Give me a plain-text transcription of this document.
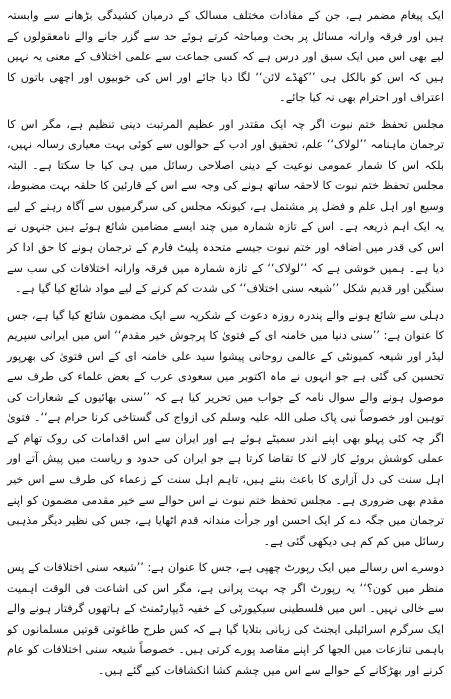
ایک پیغام مضمر ہے، جن کے مفادات مختلف مسالک کے درمیان کشیدگی بڑھانے سے وابستہ ہیں اور فرقہ وارانہ مسائل پر بحث ومباحثہ کرتے ہوئے حد سے گزر جانے والے نامعقولوں کے لیے بھی اس میں ایک سبق اور درس ہے کہ کسی جماعت سے علمی اختلاف کے معنی یہ نہیں ہیں کہ اس کو بالکل ہی ’’کھڈے لائن‘‘ لگا دیا جائے اور اس کی خوبیوں اور اچھی باتوں کا اعتراف اور احترام بھی نہ کیا جائے۔

مجلس تحفظ ختم نبوت اگر چہ ایک مقتدر اور عظیم المرتبت دینی تنظیم ہے، مگر اس کا ترجمان ماہنامہ ’’لولاک‘‘ علم، تحقیق اور ادب کے حوالوں سے کوئی بہت معیاری رسالہ نہیں، بلکہ اس کا شمار عمومی نوعیت کے دینی اصلاحی رسائل میں ہی کیا جا سکتا ہے۔ البتہ مجلس تحفظ ختم نبوت کا لاحقہ ساتھ ہونے کی وجہ سے اس کے قارئین کا حلقہ بہت مضبوط، وسیع اور اہل علم و فضل پر مشتمل ہے، کیونکہ مجلس کی سرگرمیوں سے آگاہ رہنے کے لیے یہ ایک اہم ذریعہ ہے۔ اس کے تازہ شمارہ میں چند ایسے مضامین شائع ہوئے ہیں جنہوں نے اس کی قدر میں اضافہ اور ختم نبوت جیسے متحدہ پلیٹ فارم کے ترجمان ہونے کا حق ادا کر دیا ہے۔ ہمیں خوشی ہے کہ ’’لولاک‘‘ کے تازہ شمارہ میں فرقہ وارانہ اختلافات کی سب سے سنگین اور قدیم شکل ’’شیعہ سنی اختلاف‘‘ کی شدت کم کرنے کے لیے مواد شائع کیا گیا ہے۔

دہلی سے شائع ہونے والے پندرہ روزہ دعوت کے شکریہ سے ایک مضمون شائع کیا گیا ہے، جس کا عنوان ہے: ’’سنی دنیا میں خامنہ ای کے فتویٰ کا پرجوش خیر مقدم‘‘ اس میں ایرانی سپریم لیڈر اور شیعہ کمیونٹی کے عالمی روحانی پیشوا سید علی خامنہ ای کے اس فتویٰ کی بھرپور تحسین کی گئی ہے جو انہوں نے ماہ اکتوبر میں سعودی عرب کے بعض علماء کی طرف سے موصول ہونے والے سوال نامہ کے جواب میں تحریر کیا ہے کہ ’’سنی بھائیوں کے شعارات کی توہین اور خصوصاً نبی پاک صلی اللہ علیہ وسلم کی ازواج کی گستاخی کرنا حرام ہے‘‘۔ فتویٰ اگر چہ کئی پہلو بھی اپنے اندر سمیٹے ہوئے ہے اور ایران سے اس اقدامات کی روک تھام کے عملی کوشش بروئے کار لانے کا تقاضا کرتا ہے جو ایران کی حدود و ریاست میں پیش آتے اور اہل سنت کی دل آزاری کا باعث بنتے ہیں، تاہم اہل سنت کے زعماء کی طرف سے اس خیر مقدم بھی ضروری ہے۔ مجلس تحفظ ختم نبوت نے اس حوالے سے خیر مقدمی مضمون کو اپنے ترجمان میں جگہ دے کر ایک احسن اور جرأت مندانہ قدم اٹھایا ہے، جس کی نظیر دیگر مذہبی رسائل میں کم کم ہی دیکھی گئی ہے۔

دوسرے اس رسالے میں ایک رپورٹ چھپی ہے، جس کا عنوان ہے: ’’شیعہ سنی اختلافات کے پس منظر میں کون؟‘‘ یہ رپورٹ اگر چہ بہت پرانی ہے، مگر اس کی اشاعت فی الوقت اہمیت سے خالی نہیں۔ اس میں فلسطینی سیکیورٹی کے خفیہ ڈیپارٹمنٹ کے ہاتھوں گرفتار ہونے والے ایک سرگرم اسرائیلی ایجنٹ کی زبانی بتلایا گیا ہے کہ کس طرح طاغوتی قوتیں مسلمانوں کو باہمی تنازعات میں الجھا کر اپنے مقاصد پورے کرتی ہیں۔ خصوصاً شیعہ سنی اختلافات کو عام کرنے اور بھڑکانے کے حوالے سے اس میں چشم کشا انکشافات کیے گئے ہیں۔
